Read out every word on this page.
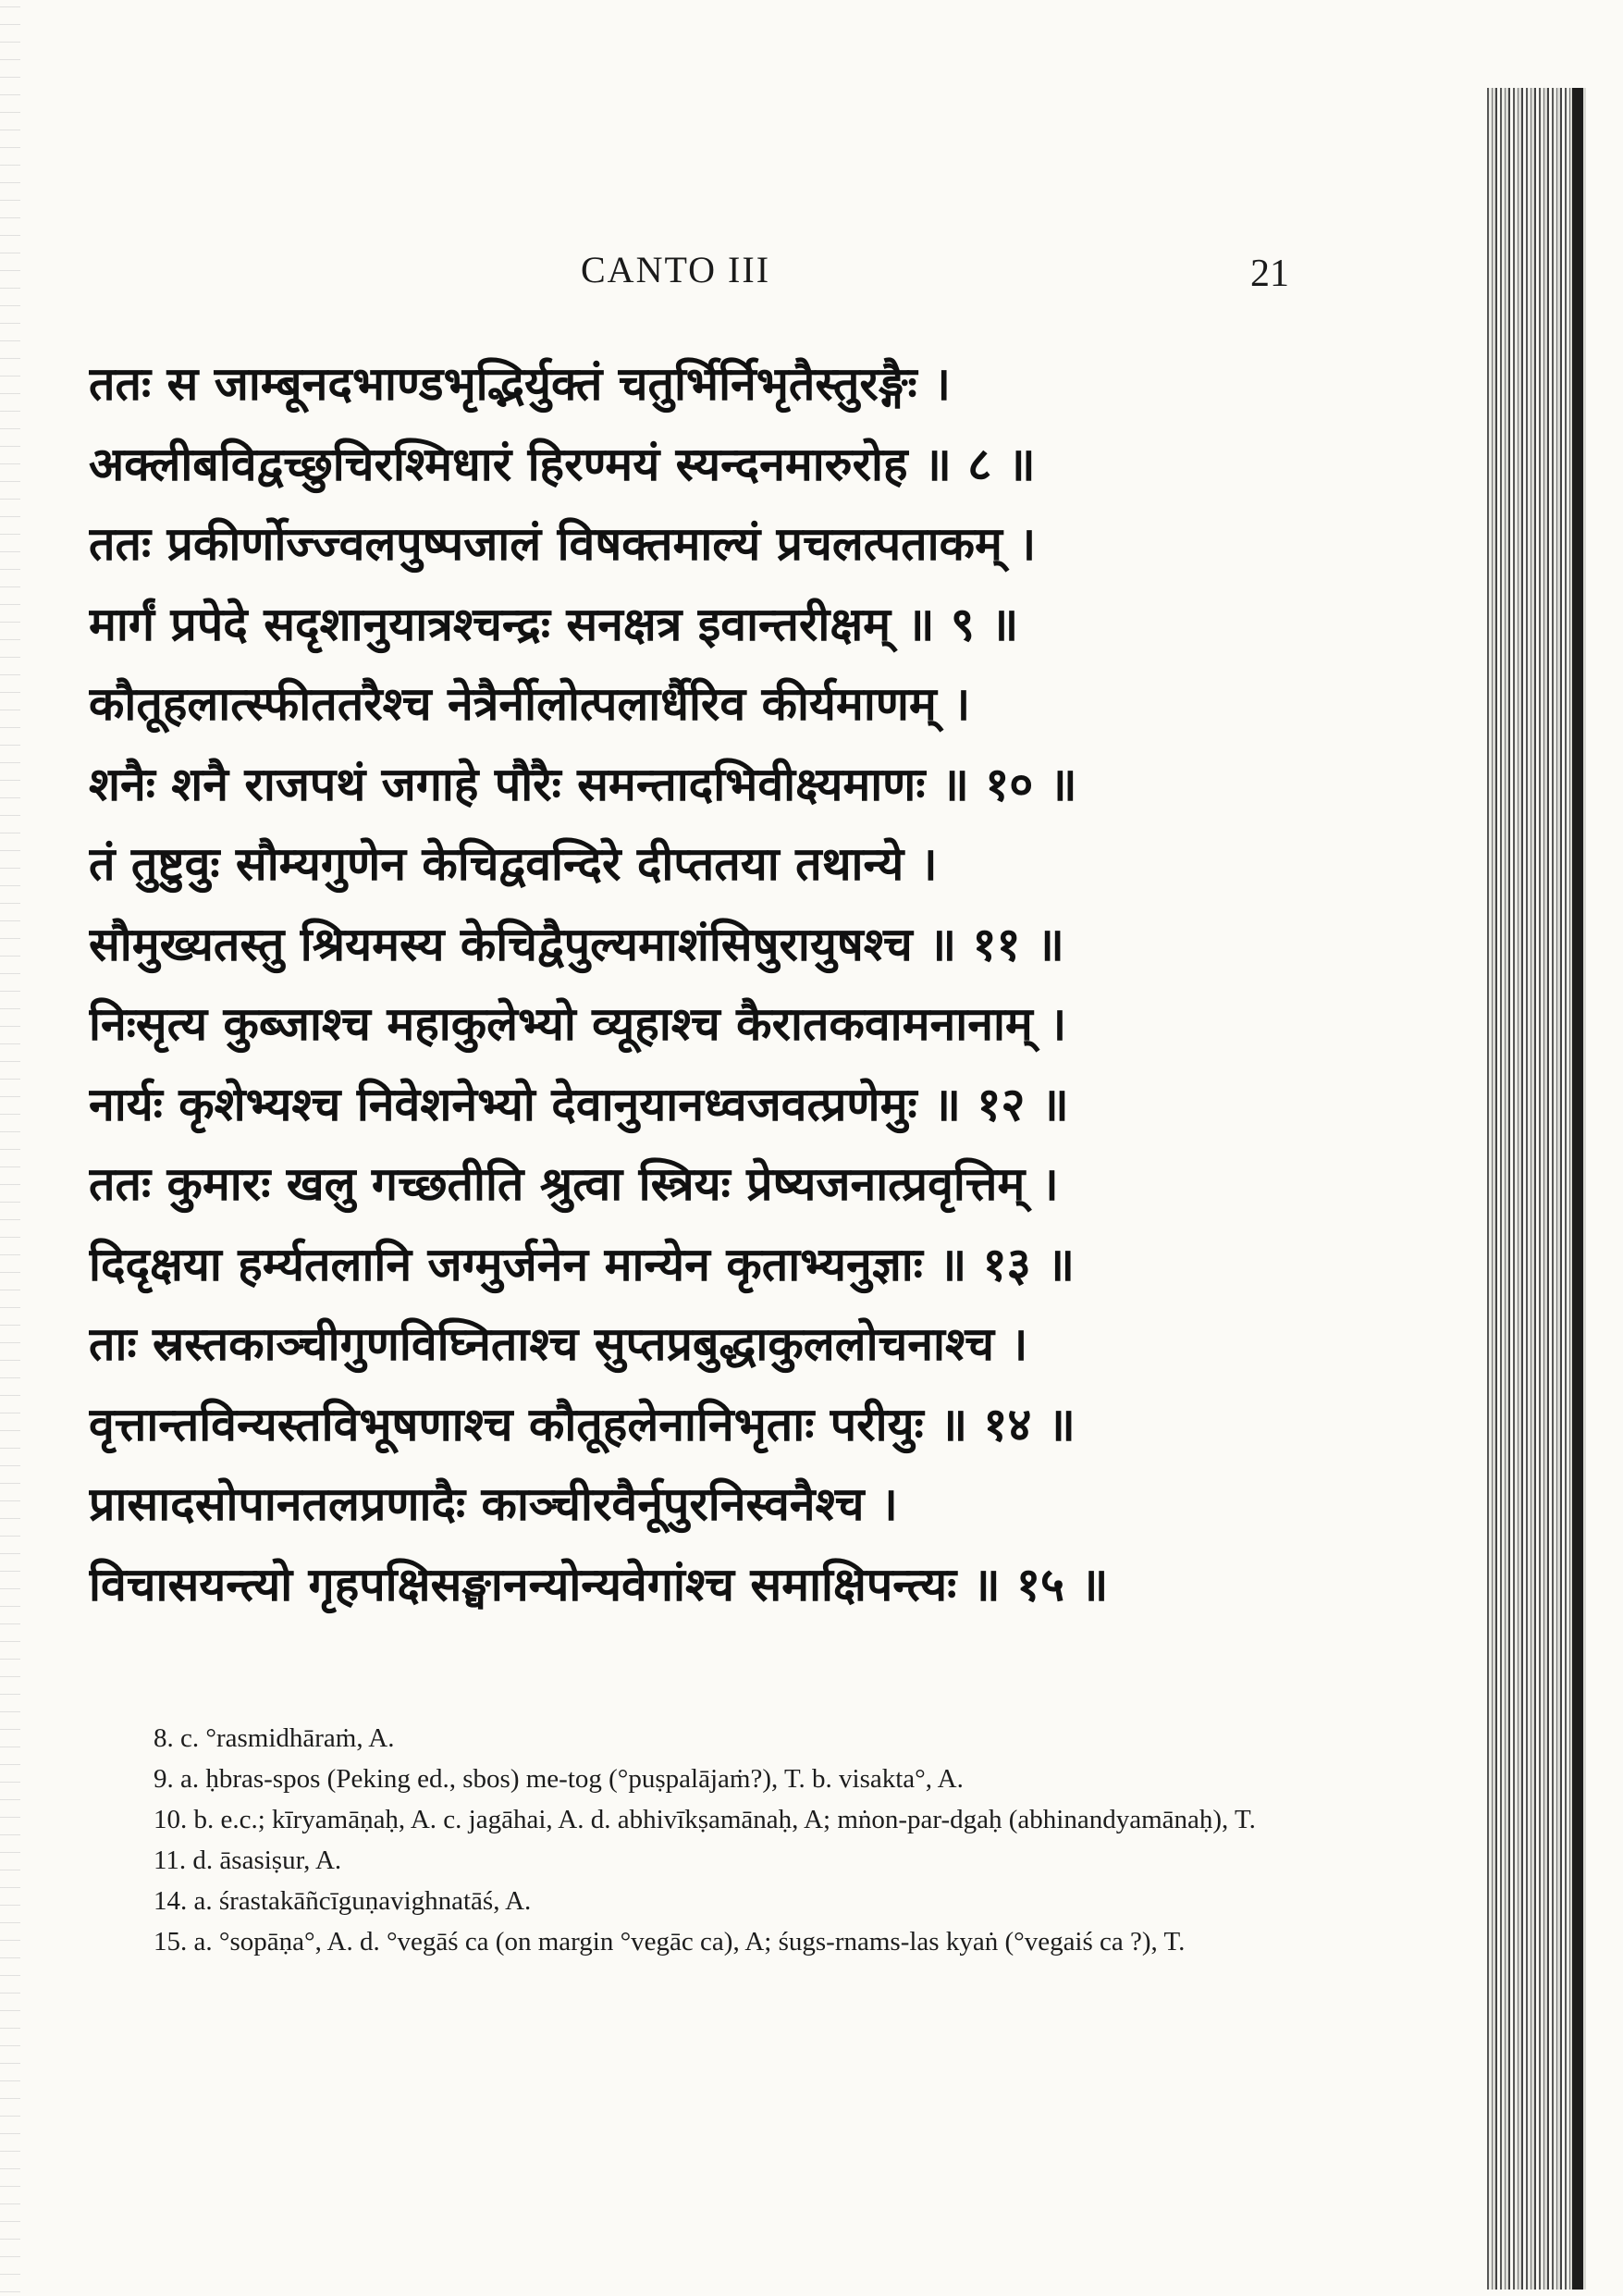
CANTO III	21
ततः स जाम्बूनदभाण्डभृद्भिर्युक्तं चतुर्भिर्निभृतैस्तुरङ्गैः ।
अक्लीबविद्वच्छुचिरश्मिधारं हिरण्मयं स्यन्दनमारुरोह ॥ ८ ॥
ततः प्रकीर्णोज्ज्वलपुष्पजालं विषक्तमाल्यं प्रचलत्पताकम् ।
मार्गं प्रपेदे सदृशानुयात्रश्चन्द्रः सनक्षत्र इवान्तरीक्षम् ॥ ९ ॥
कौतूहलात्स्फीततरैश्च नेत्रैर्नीलोत्पलार्धैरिव कीर्यमाणम् ।
शनैः शनै राजपथं जगाहे पौरैः समन्तादभिवीक्ष्यमाणः ॥ १० ॥
तं तुष्टुवुः सौम्यगुणेन केचिद्ववन्दिरे दीप्ततया तथान्ये ।
सौमुख्यतस्तु श्रियमस्य केचिद्वैपुल्यमाशंसिषुरायुषश्च ॥ ११ ॥
निःसृत्य कुब्जाश्च महाकुलेभ्यो व्यूहाश्च कैरातकवामनानाम् ।
नार्यः कृशेभ्यश्च निवेशनेभ्यो देवानुयानध्वजवत्प्रणेमुः ॥ १२ ॥
ततः कुमारः खलु गच्छतीति श्रुत्वा स्त्रियः प्रेष्यजनात्प्रवृत्तिम् ।
दिदृक्षया हर्म्यतलानि जग्मुर्जनेन मान्येन कृताभ्यनुज्ञाः ॥ १३ ॥
ताः स्रस्तकाञ्चीगुणविघ्निताश्च सुप्तप्रबुद्धाकुललोचनाश्च ।
वृत्तान्तविन्यस्तविभूषणाश्च कौतूहलेनानिभृताः परीयुः ॥ १४ ॥
प्रासादसोपानतलप्रणादैः काञ्चीरवैर्नूपुरनिस्वनैश्च ।
विचासयन्त्यो गृहपक्षिसङ्घानन्योन्यवेगांश्च समाक्षिपन्त्यः ॥ १५ ॥

8. c. °rasmidhāraṁ, A.

9. a. ḥbras-spos (Peking ed., sbos) me-tog (°puṣpalājaṁ?), T. b. visakta°, A.

10. b. e.c.; kīryamāṇaḥ, A. c. jagāhai, A. d. abhivīkṣamānaḥ, A; mṅon-par-dgaḥ (abhinandyamānaḥ), T.

11. d. āsasiṣur, A.

14. a. śrastakāñcīguṇavighnatāś, A.

15. a. °sopāṇa°, A. d. °vegāś ca (on margin °vegāc ca), A; śugs-rnams-las kyaṅ (°vegaiś ca ?), T.
